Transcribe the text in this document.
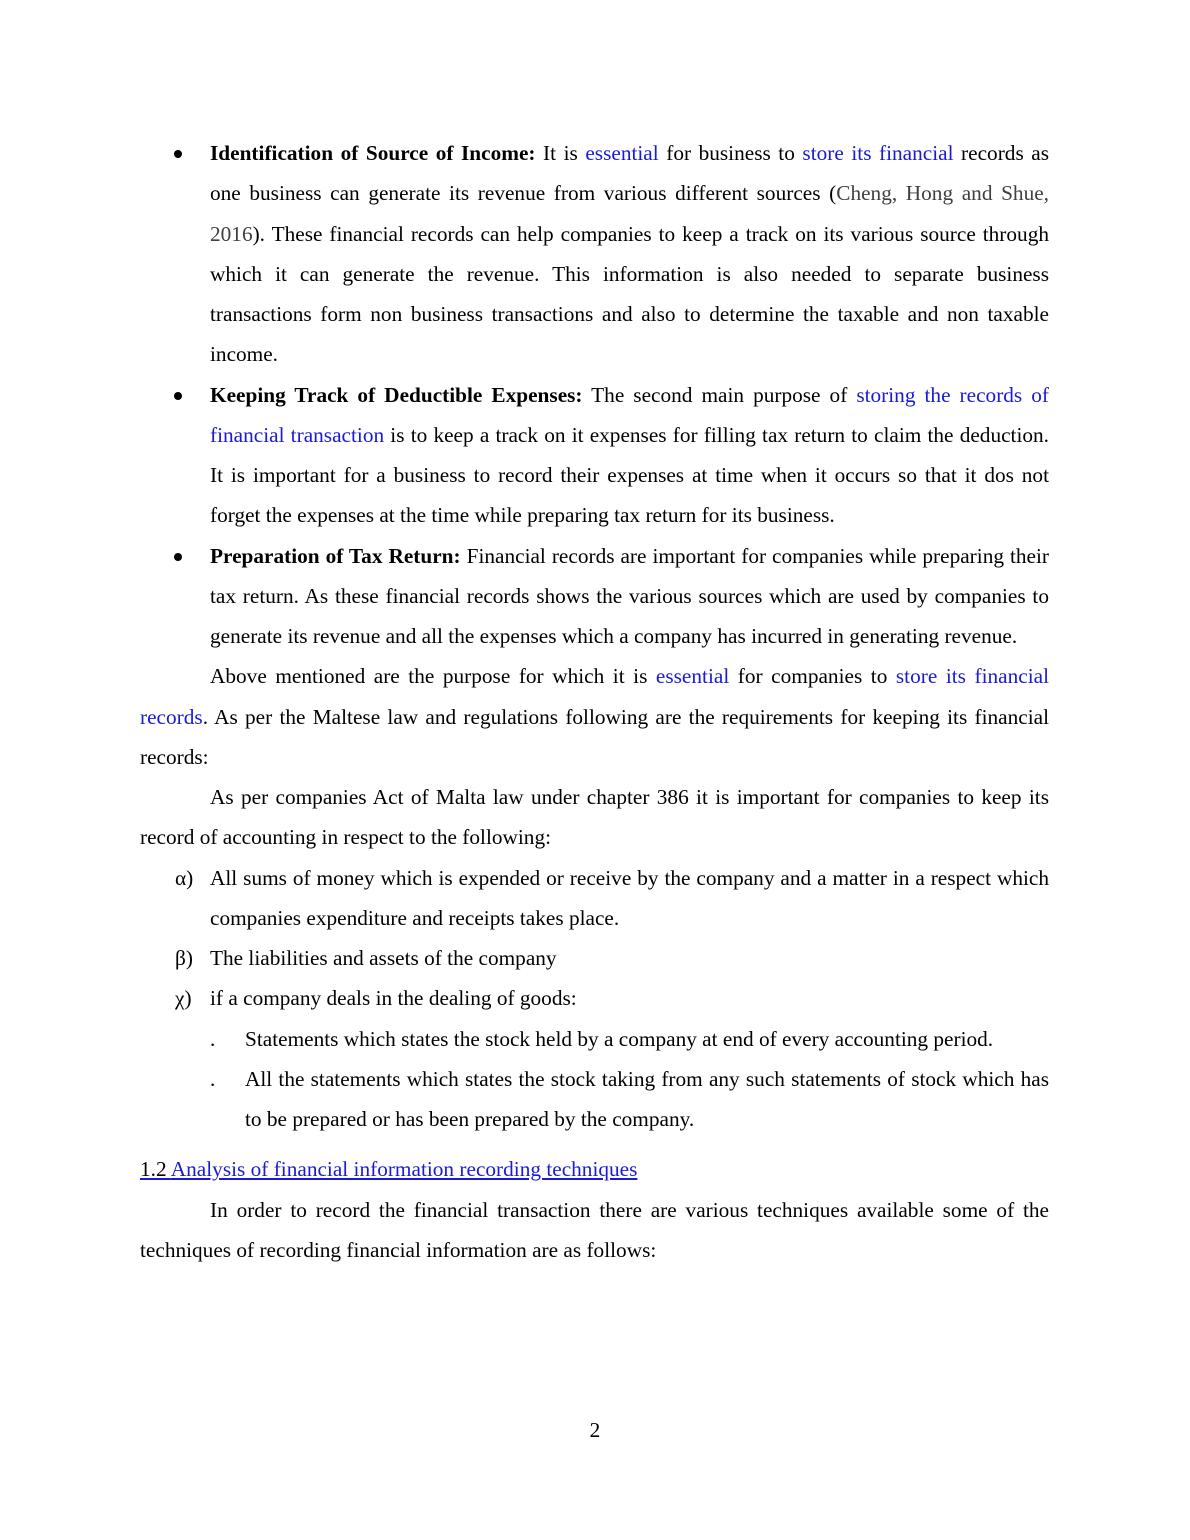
Identification of Source of Income: It is essential for business to store its financial records as one business can generate its revenue from various different sources (Cheng, Hong and Shue, 2016). These financial records can help companies to keep a track on its various source through which it can generate the revenue. This information is also needed to separate business transactions form non business transactions and also to determine the taxable and non taxable income.
Keeping Track of Deductible Expenses: The second main purpose of storing the records of financial transaction is to keep a track on it expenses for filling tax return to claim the deduction. It is important for a business to record their expenses at time when it occurs so that it dos not forget the expenses at the time while preparing tax return for its business.
Preparation of Tax Return: Financial records are important for companies while preparing their tax return. As these financial records shows the various sources which are used by companies to generate its revenue and all the expenses which a company has incurred in generating revenue.
Above mentioned are the purpose for which it is essential for companies to store its financial records. As per the Maltese law and regulations following are the requirements for keeping its financial records:
As per companies Act of Malta law under chapter 386 it is important for companies to keep its record of accounting in respect to the following:
α) All sums of money which is expended or receive by the company and a matter in a respect which companies expenditure and receipts takes place.
β) The liabilities and assets of the company
χ) if a company deals in the dealing of goods:
. Statements which states the stock held by a company at end of every accounting period.
. All the statements which states the stock taking from any such statements of stock which has to be prepared or has been prepared by the company.
1.2 Analysis of financial information recording techniques
In order to record the financial transaction there are various techniques available some of the techniques of recording financial information are as follows:
2
